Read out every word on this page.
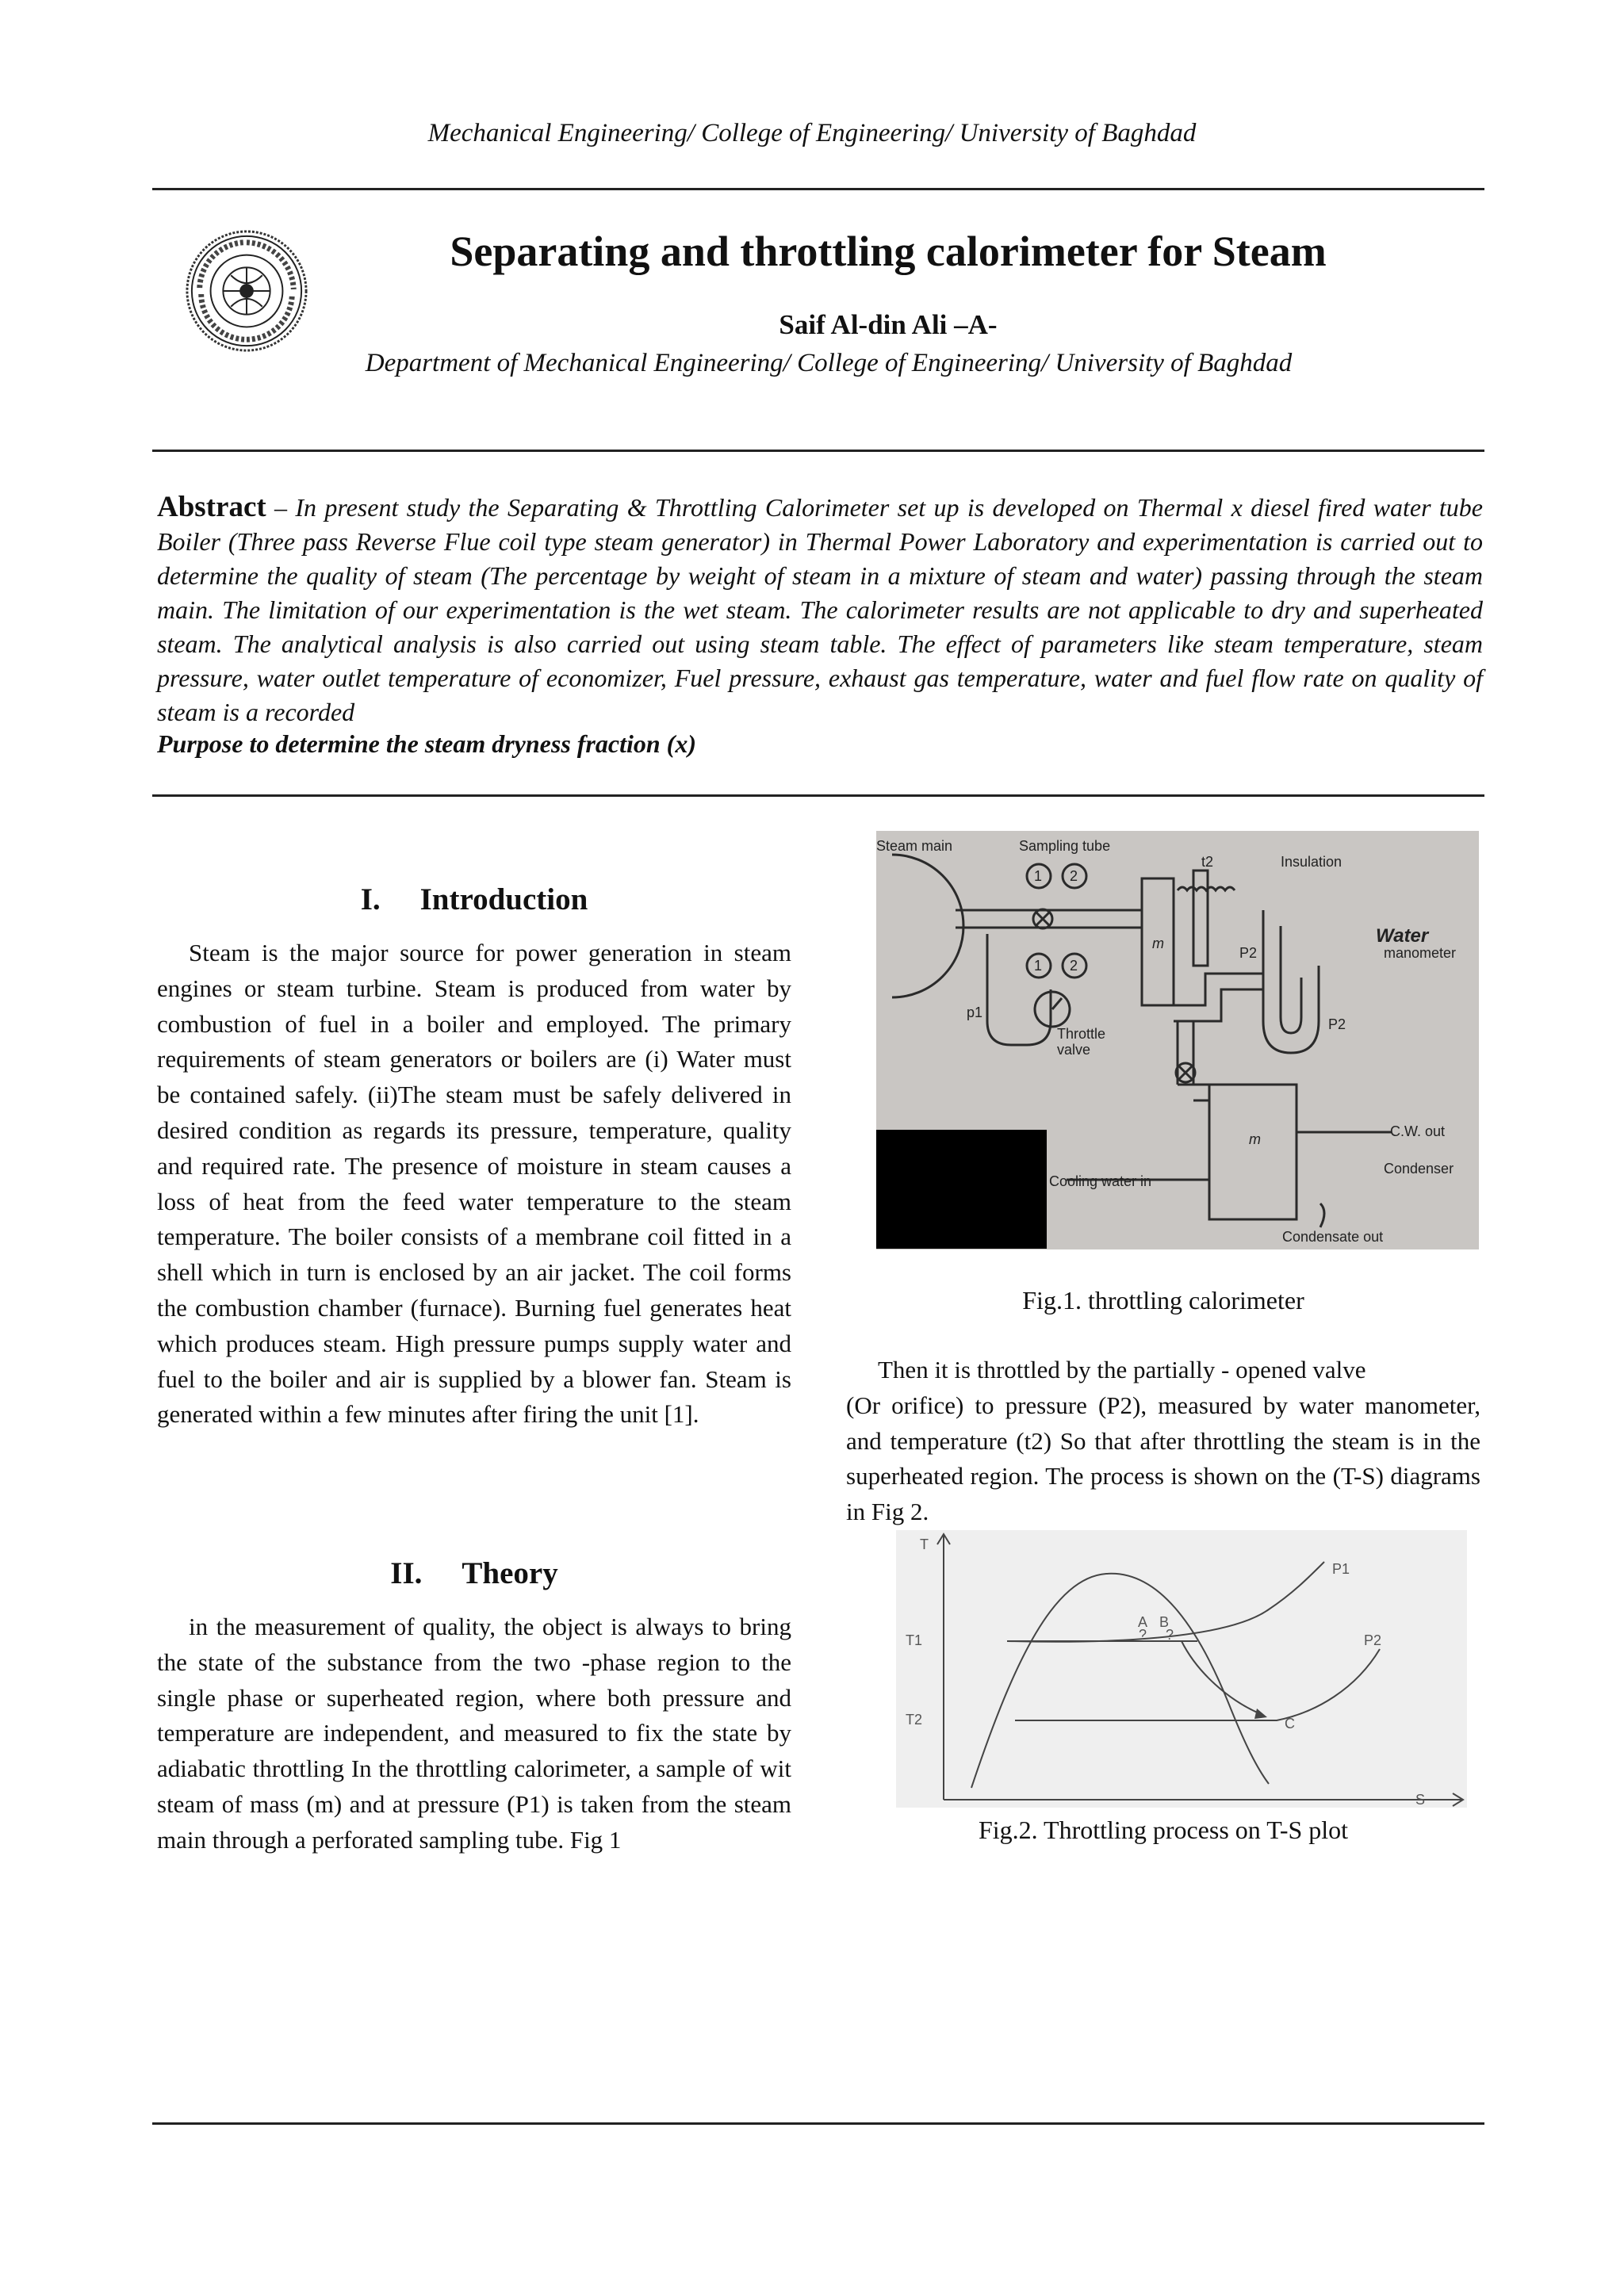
Mechanical Engineering/ College of Engineering/ University of Baghdad
Separating and throttling calorimeter for Steam
Saif Al-din Ali –A-
Department of Mechanical Engineering/ College of Engineering/ University of Baghdad
Abstract – In present study the Separating & Throttling Calorimeter set up is developed on Thermal x diesel fired water tube Boiler (Three pass Reverse Flue coil type steam generator) in Thermal Power Laboratory and experimentation is carried out to determine the quality of steam (The percentage by weight of steam in a mixture of steam and water) passing through the steam main. The limitation of our experimentation is the wet steam. The calorimeter results are not applicable to dry and superheated steam. The analytical analysis is also carried out using steam table. The effect of parameters like steam temperature, steam pressure, water outlet temperature of economizer, Fuel pressure, exhaust gas temperature, water and fuel flow rate on quality of steam is a recorded
Purpose to determine the steam dryness fraction (x)
I. Introduction
Steam is the major source for power generation in steam engines or steam turbine. Steam is produced from water by combustion of fuel in a boiler and employed. The primary requirements of steam generators or boilers are (i) Water must be contained safely. (ii)The steam must be safely delivered in desired condition as regards its pressure, temperature, quality and required rate. The presence of moisture in steam causes a loss of heat from the feed water temperature to the steam temperature. The boiler consists of a membrane coil fitted in a shell which in turn is enclosed by an air jacket. The coil forms the combustion chamber (furnace). Burning fuel generates heat which produces steam. High pressure pumps supply water and fuel to the boiler and air is supplied by a blower fan. Steam is generated within a few minutes after firing the unit [1].
II. Theory
in the measurement of quality, the object is always to bring the state of the substance from the two -phase region to the single phase or superheated region, where both pressure and temperature are independent, and measured to fix the state by adiabatic throttling In the throttling calorimeter, a sample of wit steam of mass (m) and at pressure (P1) is taken from the steam main through a perforated sampling tube. Fig 1
Steam main	Sampling tube
t2	Insulation
Water
manometer
p1
P2
P2
m
m
Throttle
valve
C.W. out
Condenser
Cooling water in
Condensate out
1 2
1 2
Fig.1. throttling calorimeter
Then it is throttled by the partially - opened valve
(Or orifice) to pressure (P2), measured by water manometer, and temperature (t2) So that after throttling the steam is in the superheated region. The process is shown on the (T-S) diagrams in Fig 2.
T
S
P1
P2
T1
T2
A B
? ?
C
Fig.2. Throttling process on T-S plot
